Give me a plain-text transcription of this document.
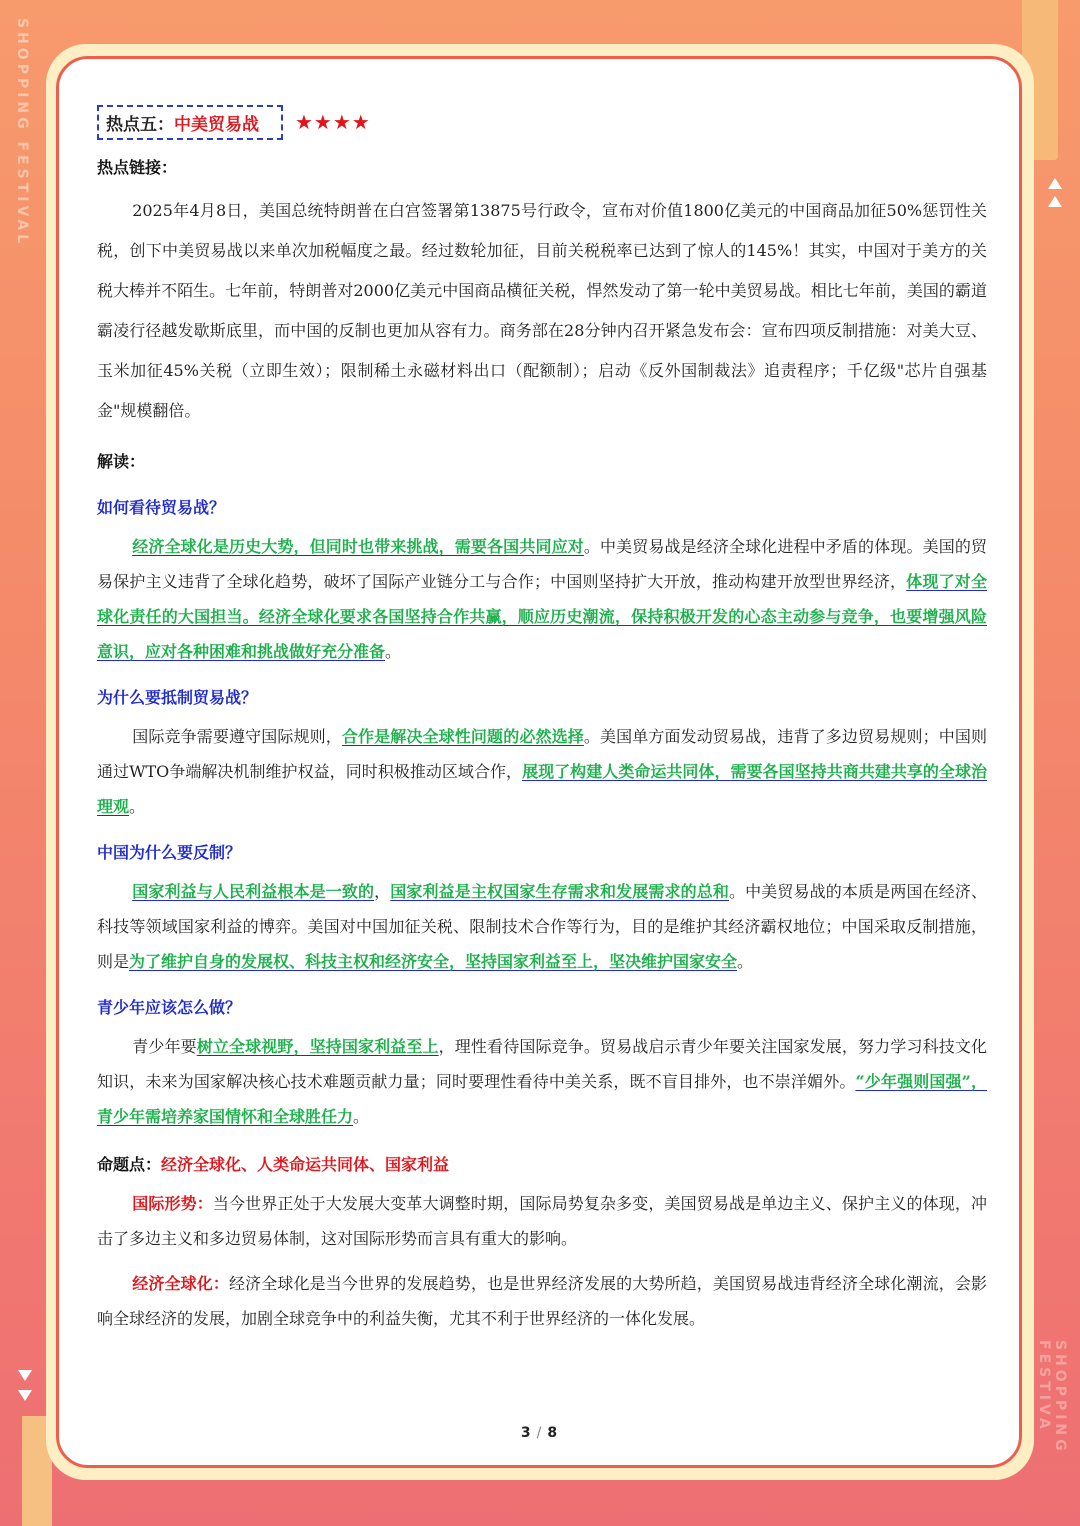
SHOPPING FESTIVAL
SHOPPING FESTIVA
热点五：中美贸易战	★★★★
热点链接：
2025年4月8日，美国总统特朗普在白宫签署第13875号行政令，宣布对价值1800亿美元的中国商品加征50%惩罚性关税，创下中美贸易战以来单次加税幅度之最。经过数轮加征，目前关税税率已达到了惊人的145%！其实，中国对于美方的关税大棒并不陌生。七年前，特朗普对2000亿美元中国商品横征关税，悍然发动了第一轮中美贸易战。相比七年前，美国的霸道霸凌行径越发歇斯底里，而中国的反制也更加从容有力。商务部在28分钟内召开紧急发布会：宣布四项反制措施：对美大豆、玉米加征45%关税（立即生效）；限制稀土永磁材料出口（配额制）；启动《反外国制裁法》追责程序；千亿级"芯片自强基金"规模翻倍。
解读：
如何看待贸易战？
经济全球化是历史大势，但同时也带来挑战，需要各国共同应对。中美贸易战是经济全球化进程中矛盾的体现。美国的贸易保护主义违背了全球化趋势，破坏了国际产业链分工与合作；中国则坚持扩大开放，推动构建开放型世界经济，体现了对全球化责任的大国担当。经济全球化要求各国坚持合作共赢，顺应历史潮流，保持积极开发的心态主动参与竞争，也要增强风险意识，应对各种困难和挑战做好充分准备。
为什么要抵制贸易战？
国际竞争需要遵守国际规则，合作是解决全球性问题的必然选择。美国单方面发动贸易战，违背了多边贸易规则；中国则通过WTO争端解决机制维护权益，同时积极推动区域合作，展现了构建人类命运共同体，需要各国坚持共商共建共享的全球治理观。
中国为什么要反制？
国家利益与人民利益根本是一致的，国家利益是主权国家生存需求和发展需求的总和。中美贸易战的本质是两国在经济、科技等领域国家利益的博弈。美国对中国加征关税、限制技术合作等行为，目的是维护其经济霸权地位；中国采取反制措施，则是为了维护自身的发展权、科技主权和经济安全，坚持国家利益至上，坚决维护国家安全。
青少年应该怎么做？
青少年要树立全球视野，坚持国家利益至上，理性看待国际竞争。贸易战启示青少年要关注国家发展，努力学习科技文化知识，未来为国家解决核心技术难题贡献力量；同时要理性看待中美关系，既不盲目排外，也不崇洋媚外。“少年强则国强”，青少年需培养家国情怀和全球胜任力。
命题点：经济全球化、人类命运共同体、国家利益
国际形势：当今世界正处于大发展大变革大调整时期，国际局势复杂多变，美国贸易战是单边主义、保护主义的体现，冲击了多边主义和多边贸易体制，这对国际形势而言具有重大的影响。
经济全球化：经济全球化是当今世界的发展趋势，也是世界经济发展的大势所趋，美国贸易战违背经济全球化潮流，会影响全球经济的发展，加剧全球竞争中的利益失衡，尤其不利于世界经济的一体化发展。
3 / 8
